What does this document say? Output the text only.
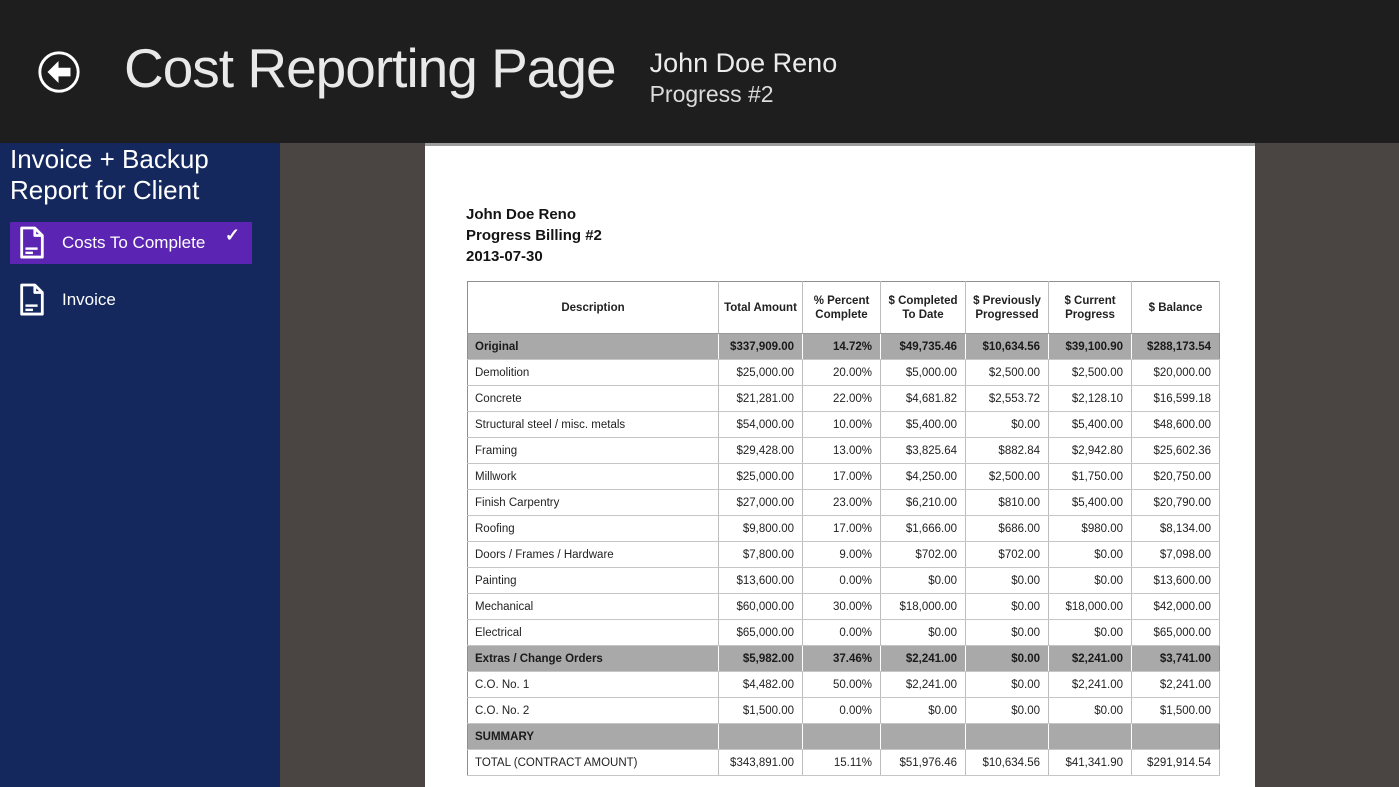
Cost Reporting Page John Doe Reno
Progress #2
Invoice + Backup Report for Client
Costs To Complete ✓
Invoice
John Doe Reno
Progress Billing #2
2013-07-30
Description	Total Amount	% Percent Complete	$ Completed To Date	$ Previously Progressed	$ Current Progress	$ Balance
Original	$337,909.00	14.72%	$49,735.46	$10,634.56	$39,100.90	$288,173.54
Demolition	$25,000.00	20.00%	$5,000.00	$2,500.00	$2,500.00	$20,000.00
Concrete	$21,281.00	22.00%	$4,681.82	$2,553.72	$2,128.10	$16,599.18
Structural steel / misc. metals	$54,000.00	10.00%	$5,400.00	$0.00	$5,400.00	$48,600.00
Framing	$29,428.00	13.00%	$3,825.64	$882.84	$2,942.80	$25,602.36
Millwork	$25,000.00	17.00%	$4,250.00	$2,500.00	$1,750.00	$20,750.00
Finish Carpentry	$27,000.00	23.00%	$6,210.00	$810.00	$5,400.00	$20,790.00
Roofing	$9,800.00	17.00%	$1,666.00	$686.00	$980.00	$8,134.00
Doors / Frames / Hardware	$7,800.00	9.00%	$702.00	$702.00	$0.00	$7,098.00
Painting	$13,600.00	0.00%	$0.00	$0.00	$0.00	$13,600.00
Mechanical	$60,000.00	30.00%	$18,000.00	$0.00	$18,000.00	$42,000.00
Electrical	$65,000.00	0.00%	$0.00	$0.00	$0.00	$65,000.00
Extras / Change Orders	$5,982.00	37.46%	$2,241.00	$0.00	$2,241.00	$3,741.00
C.O. No. 1	$4,482.00	50.00%	$2,241.00	$0.00	$2,241.00	$2,241.00
C.O. No. 2	$1,500.00	0.00%	$0.00	$0.00	$0.00	$1,500.00
SUMMARY						
TOTAL (CONTRACT AMOUNT)	$343,891.00	15.11%	$51,976.46	$10,634.56	$41,341.90	$291,914.54
